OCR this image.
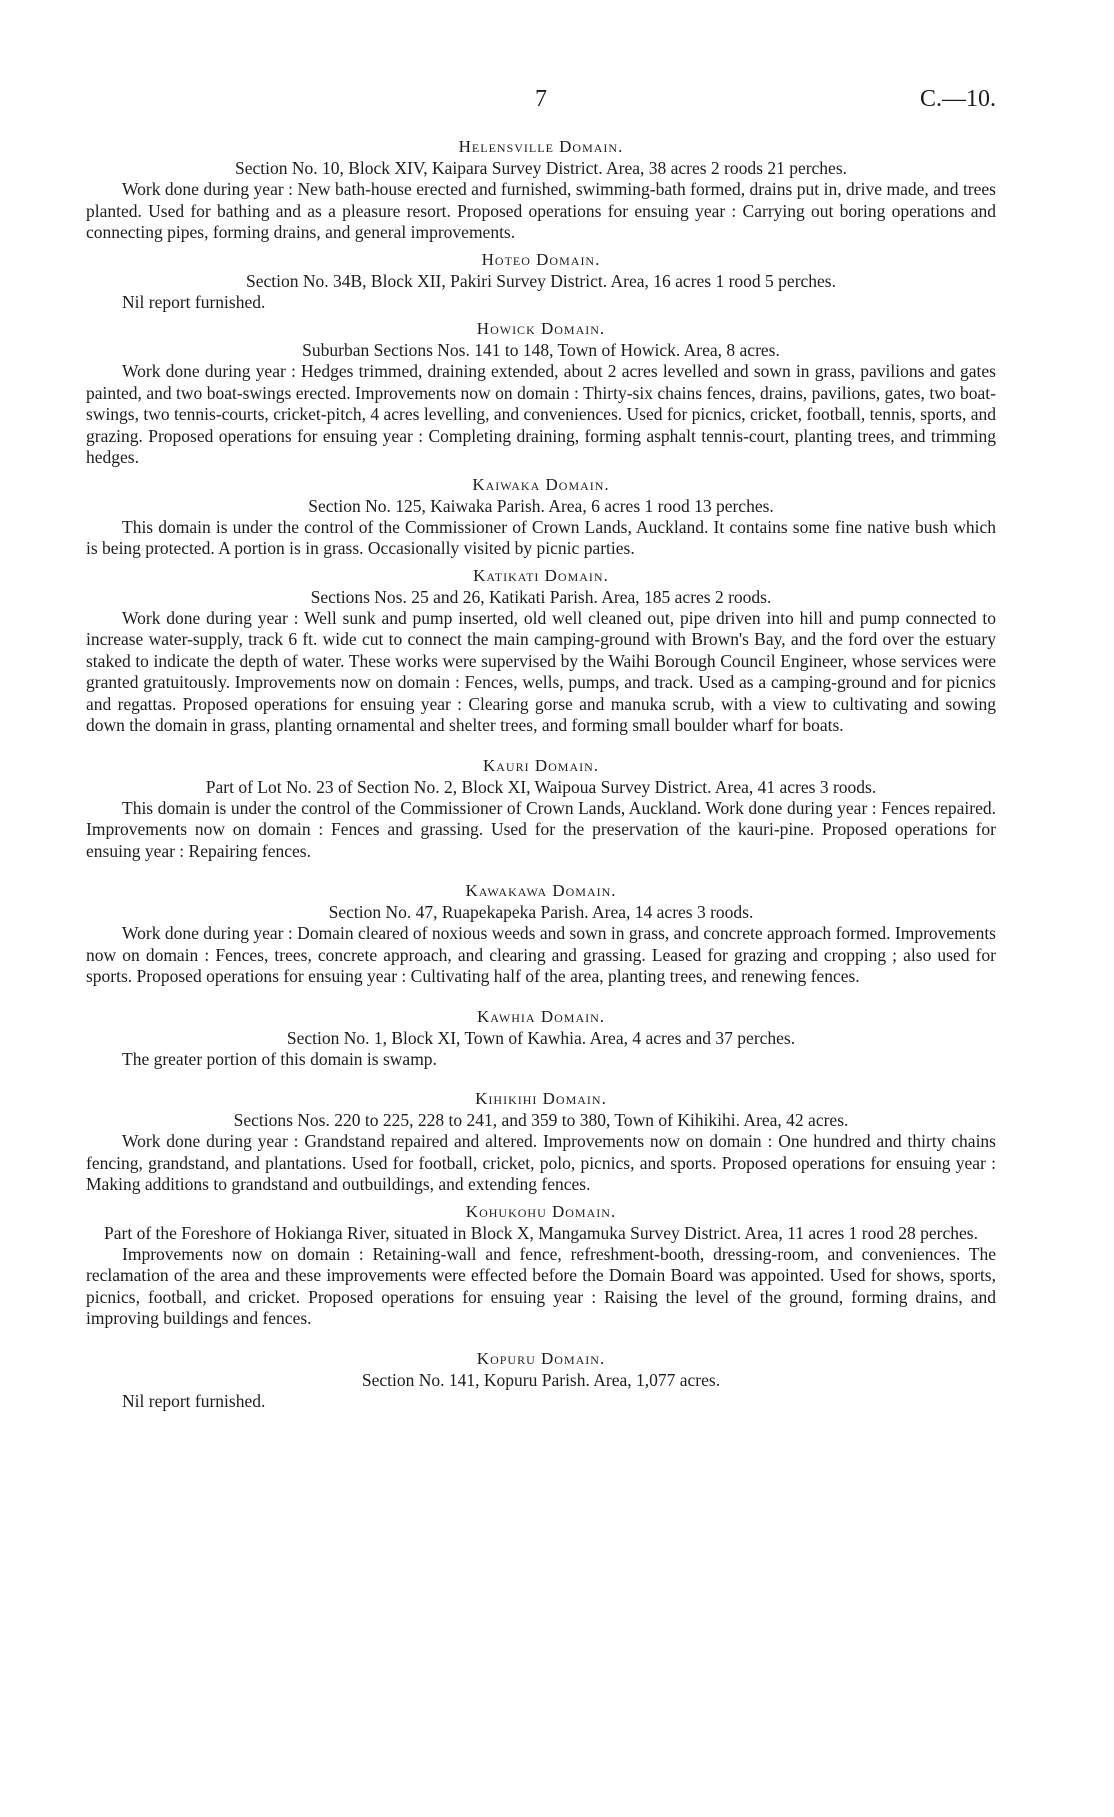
7	C.—10.

Helensville Domain.

Section No. 10, Block XIV, Kaipara Survey District. Area, 38 acres 2 roods 21 perches.

Work done during year : New bath-house erected and furnished, swimming-bath formed, drains put in, drive made, and trees planted. Used for bathing and as a pleasure resort. Proposed operations for ensuing year : Carrying out boring operations and connecting pipes, forming drains, and general improvements.

Hoteo Domain.

Section No. 34B, Block XII, Pakiri Survey District. Area, 16 acres 1 rood 5 perches.

Nil report furnished.

Howick Domain.

Suburban Sections Nos. 141 to 148, Town of Howick. Area, 8 acres.

Work done during year : Hedges trimmed, draining extended, about 2 acres levelled and sown in grass, pavilions and gates painted, and two boat-swings erected. Improvements now on domain : Thirty-six chains fences, drains, pavilions, gates, two boat-swings, two tennis-courts, cricket-pitch, 4 acres levelling, and conveniences. Used for picnics, cricket, football, tennis, sports, and grazing. Proposed operations for ensuing year : Completing draining, forming asphalt tennis-court, planting trees, and trimming hedges.

Kaiwaka Domain.

Section No. 125, Kaiwaka Parish. Area, 6 acres 1 rood 13 perches.

This domain is under the control of the Commissioner of Crown Lands, Auckland. It contains some fine native bush which is being protected. A portion is in grass. Occasionally visited by picnic parties.

Katikati Domain.

Sections Nos. 25 and 26, Katikati Parish. Area, 185 acres 2 roods.

Work done during year : Well sunk and pump inserted, old well cleaned out, pipe driven into hill and pump connected to increase water-supply, track 6 ft. wide cut to connect the main camping-ground with Brown's Bay, and the ford over the estuary staked to indicate the depth of water. These works were supervised by the Waihi Borough Council Engineer, whose services were granted gratuitously. Improvements now on domain : Fences, wells, pumps, and track. Used as a camping-ground and for picnics and regattas. Proposed operations for ensuing year : Clearing gorse and manuka scrub, with a view to cultivating and sowing down the domain in grass, planting ornamental and shelter trees, and forming small boulder wharf for boats.

Kauri Domain.

Part of Lot No. 23 of Section No. 2, Block XI, Waipoua Survey District. Area, 41 acres 3 roods.

This domain is under the control of the Commissioner of Crown Lands, Auckland. Work done during year : Fences repaired. Improvements now on domain : Fences and grassing. Used for the preservation of the kauri-pine. Proposed operations for ensuing year : Repairing fences.

Kawakawa Domain.

Section No. 47, Ruapekapeka Parish. Area, 14 acres 3 roods.

Work done during year : Domain cleared of noxious weeds and sown in grass, and concrete approach formed. Improvements now on domain : Fences, trees, concrete approach, and clearing and grassing. Leased for grazing and cropping ; also used for sports. Proposed operations for ensuing year : Cultivating half of the area, planting trees, and renewing fences.

Kawhia Domain.

Section No. 1, Block XI, Town of Kawhia. Area, 4 acres and 37 perches.

The greater portion of this domain is swamp.

Kihikihi Domain.

Sections Nos. 220 to 225, 228 to 241, and 359 to 380, Town of Kihikihi. Area, 42 acres.

Work done during year : Grandstand repaired and altered. Improvements now on domain : One hundred and thirty chains fencing, grandstand, and plantations. Used for football, cricket, polo, picnics, and sports. Proposed operations for ensuing year : Making additions to grandstand and outbuildings, and extending fences.

Kohukohu Domain.

Part of the Foreshore of Hokianga River, situated in Block X, Mangamuka Survey District. Area, 11 acres 1 rood 28 perches.

Improvements now on domain : Retaining-wall and fence, refreshment-booth, dressing-room, and conveniences. The reclamation of the area and these improvements were effected before the Domain Board was appointed. Used for shows, sports, picnics, football, and cricket. Proposed operations for ensuing year : Raising the level of the ground, forming drains, and improving buildings and fences.

Kopuru Domain.

Section No. 141, Kopuru Parish. Area, 1,077 acres.

Nil report furnished.
